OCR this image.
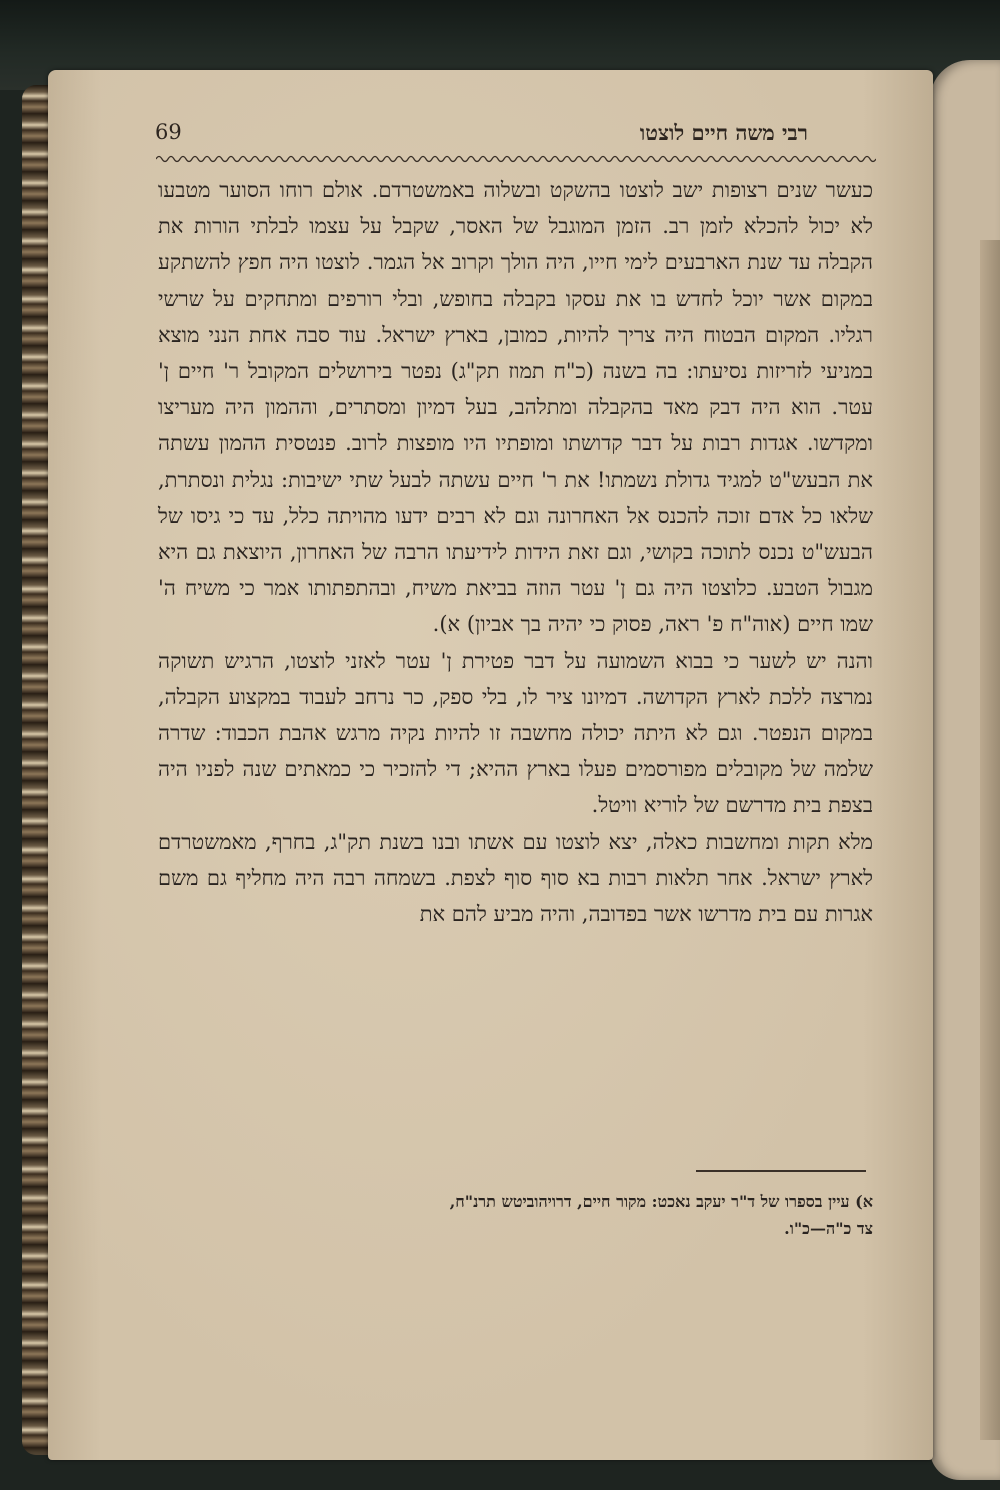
69	רבי משה חיים לוצטו

כעשר שנים רצופות ישב לוצטו בהשקט ובשלוה באמשטרדם. אולם רוחו הסוער מטבעו לא יכול להכלא לזמן רב. הזמן המוגבל של האסר, שקבל על עצמו לבלתי הורות את הקבלה עד שנת הארבעים לימי חייו, היה הולך וקרוב אל הגמר. לוצטו היה חפץ להשתקע במקום אשר יוכל לחדש בו את עסקו בקבלה בחופש, ובלי רורפים ומתחקים על שרשי רגליו. המקום הבטוח היה צריך להיות, כמובן, בארץ ישראל. עוד סבה אחת הנני מוצא במניעי לזריזות נסיעתו: בה בשנה (כ"ח תמוז תק"ג) נפטר בירושלים המקובל ר' חיים ן' עטר. הוא היה דבק מאד בהקבלה ומתלהב, בעל דמיון ומסתרים, וההמון היה מעריצו ומקדשו. אגדות רבות על דבר קדושתו ומופתיו היו מופצות לרוב. פנטסית ההמון עשתה את הבעש"ט למגיד גדולת נשמתו! את ר' חיים עשתה לבעל שתי ישיבות: נגלית ונסתרת, שלאו כל אדם זוכה להכנס אל האחרונה וגם לא רבים ידעו מהויתה כלל, עד כי גיסו של הבעש"ט נכנס לתוכה בקושי, וגם זאת הידות לידיעתו הרבה של האחרון, היוצאת גם היא מגבול הטבע. כלוצטו היה גם ן' עטר הוזה בביאת משיח, ובהתפתותו אמר כי משיח ה' שמו חיים (אוה"ח פ' ראה, פסוק כי יהיה בך אביון) א).

והנה יש לשער כי בבוא השמועה על דבר פטירת ן' עטר לאזני לוצטו, הרגיש תשוקה נמרצה ללכת לארץ הקדושה. דמיונו ציר לו, בלי ספק, כר נרחב לעבוד במקצוע הקבלה, במקום הנפטר. וגם לא היתה יכולה מחשבה זו להיות נקיה מרגש אהבת הכבוד: שדרה שלמה של מקובלים מפורסמים פעלו בארץ ההיא; די להזכיר כי כמאתים שנה לפניו היה בצפת בית מדרשם של לוריא וויטל.

מלא תקות ומחשבות כאלה, יצא לוצטו עם אשתו ובנו בשנת תק"ג, בחרף, מאמשטרדם לארץ ישראל. אחר תלאות רבות בא סוף סוף לצפת. בשמחה רבה היה מחליף גם משם אגרות עם בית מדרשו אשר בפדובה, והיה מביע להם את

א) עיין בספרו של ד"ר יעקב נאכט: מקור חיים, דרויהוביטש תרנ"ח,

צד כ"ה—כ"ו.
